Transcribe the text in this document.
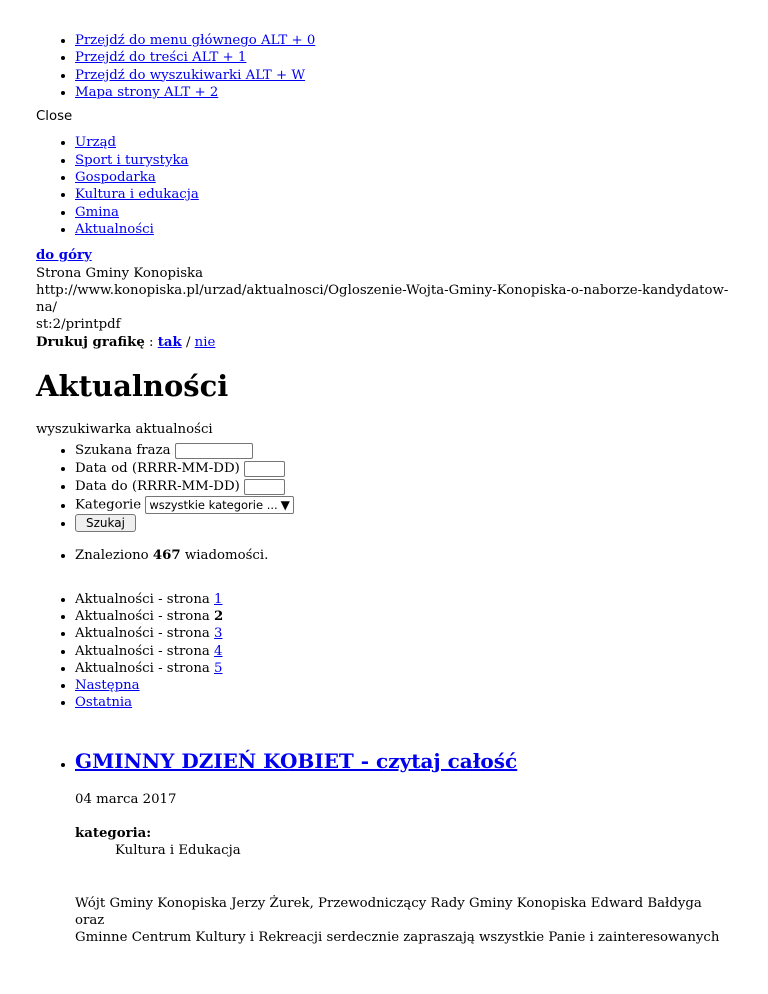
• Przejdź do menu głównego ALT + 0
• Przejdź do treści ALT + 1
• Przejdź do wyszukiwarki ALT + W
• Mapa strony ALT + 2
Close
• Urząd
• Sport i turystyka
• Gospodarka
• Kultura i edukacja
• Gmina
• Aktualności
do góry
Strona Gminy Konopiska
http://www.konopiska.pl/urzad/aktualnosci/Ogloszenie-Wojta-Gminy-Konopiska-o-naborze-kandydatow-na/
st:2/printpdf
Drukuj grafikę : tak / nie
Aktualności
wyszukiwarka aktualności
• Szukana fraza
• Data od (RRRR-MM-DD)
• Data do (RRRR-MM-DD)
• Kategorie wszystkie kategorie ... ▼
• Szukaj
• Znaleziono 467 wiadomości.
• Aktualności - strona 1
• Aktualności - strona 2
• Aktualności - strona 3
• Aktualności - strona 4
• Aktualności - strona 5
• Następna
• Ostatnia
• GMINNY DZIEŃ KOBIET - czytaj całość

04 marca 2017

kategoria:
Kultura i Edukacja

Wójt Gminy Konopiska Jerzy Żurek, Przewodniczący Rady Gminy Konopiska Edward Bałdyga oraz

Gminne Centrum Kultury i Rekreacji serdecznie zapraszają wszystkie Panie i zainteresowanych
